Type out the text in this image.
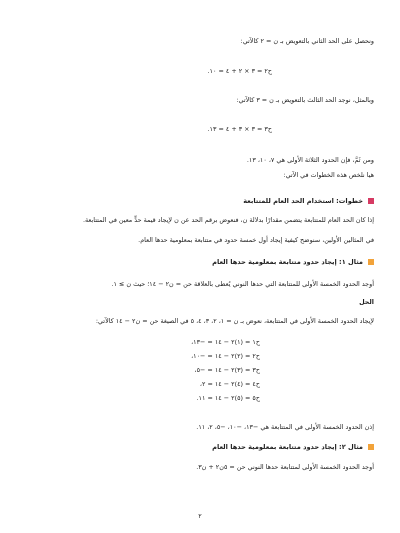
ونحصل على الحد الثاني بالتعويض بـ ن = ٢ كالآتي:
ح٢ = ٣ × ٢ + ٤ = ١٠.
وبالمثل، نوجد الحد الثالث بالتعويض بـ ن = ٣ كالآتي:
ح٣ = ٣ × ٣ + ٤ = ١٣.
ومن ثَمَّ، فإن الحدود الثلاثة الأولى هي ٧، ١٠، ١٣.
هيا نلخص هذه الخطوات في الآتي:
خطوات: استخدام الحد العام للمتتابعة
إذا كان الحد العام للمتتابعة يتضمن مقدارًا بدلالة ن، فنعوض برقم الحد عن ن لإيجاد قيمة حدٍّ معين في المتتابعة.
في المثالين الأولين، سنوضح كيفية إيجاد أول خمسة حدود في متتابعة بمعلومية حدها العام.
مثال ١: إيجاد حدود متتابعة بمعلومية حدها العام
أوجد الحدود الخمسة الأولى للمتتابعة التي حدها النوني يُعطى بالعلاقة حن = ن٢ − ١٤؛ حيث ن ≥ ١.
الحل
لإيجاد الحدود الخمسة الأولى في المتتابعة، نعوض بـ ن = ١، ٢، ٣، ٤، ٥ في الصيغة حن = ن٢ − ١٤ كالآتي:
ح١ = (١)٢ − ١٤ = −١٣،
ح٢ = (٢)٢ − ١٤ = −١٠،
ح٣ = (٣)٢ − ١٤ = −٥،
ح٤ = (٤)٢ − ١٤ = ٢،
ح٥ = (٥)٢ − ١٤ = ١١.
إذن الحدود الخمسة الأولى في المتتابعة هي −١٣، −١٠، −٥، ٢، ١١.
مثال ٢: إيجاد حدود متتابعة بمعلومية حدها العام
أوجد الحدود الخمسة الأولى لمتتابعة حدها النوني حن = ٥ن٢ + ن٣.
٢
